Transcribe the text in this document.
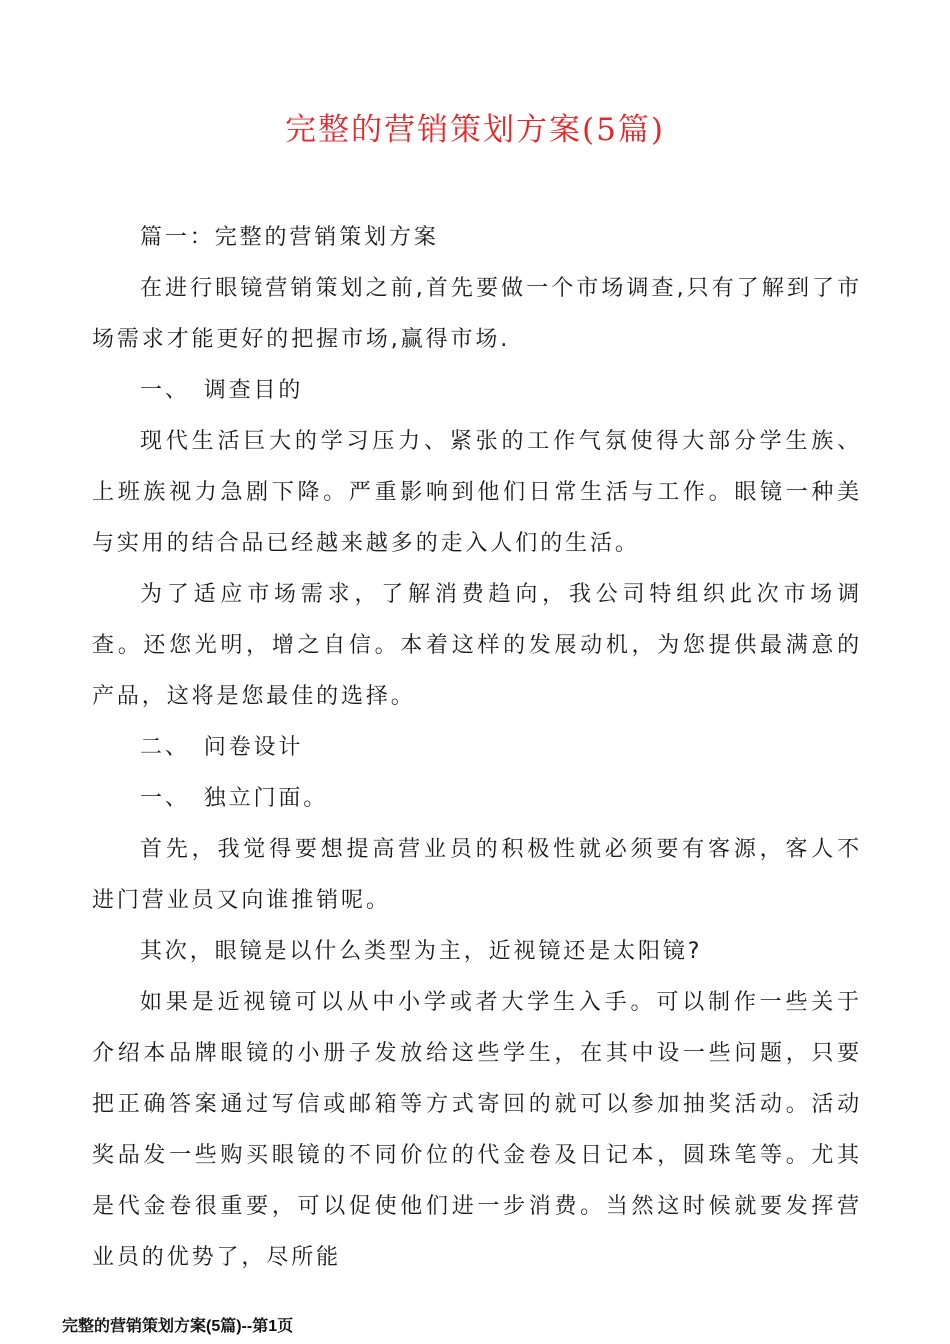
完整的营销策划方案(5篇)

篇一：完整的营销策划方案

在进行眼镜营销策划之前,首先要做一个市场调查,只有了解到了市场需求才能更好的把握市场,赢得市场.

一、　调查目的

现代生活巨大的学习压力、紧张的工作气氛使得大部分学生族、上班族视力急剧下降。严重影响到他们日常生活与工作。眼镜一种美与实用的结合品已经越来越多的走入人们的生活。

为了适应市场需求，了解消费趋向，我公司特组织此次市场调查。还您光明，增之自信。本着这样的发展动机，为您提供最满意的产品，这将是您最佳的选择。

二、　问卷设计

一、　独立门面。

首先，我觉得要想提高营业员的积极性就必须要有客源，客人不进门营业员又向谁推销呢。

其次，眼镜是以什么类型为主，近视镜还是太阳镜?

如果是近视镜可以从中小学或者大学生入手。可以制作一些关于介绍本品牌眼镜的小册子发放给这些学生，在其中设一些问题，只要把正确答案通过写信或邮箱等方式寄回的就可以参加抽奖活动。活动奖品发一些购买眼镜的不同价位的代金卷及日记本，圆珠笔等。尤其是代金卷很重要，可以促使他们进一步消费。当然这时候就要发挥营业员的优势了，尽所能

完整的营销策划方案(5篇)--第1页
